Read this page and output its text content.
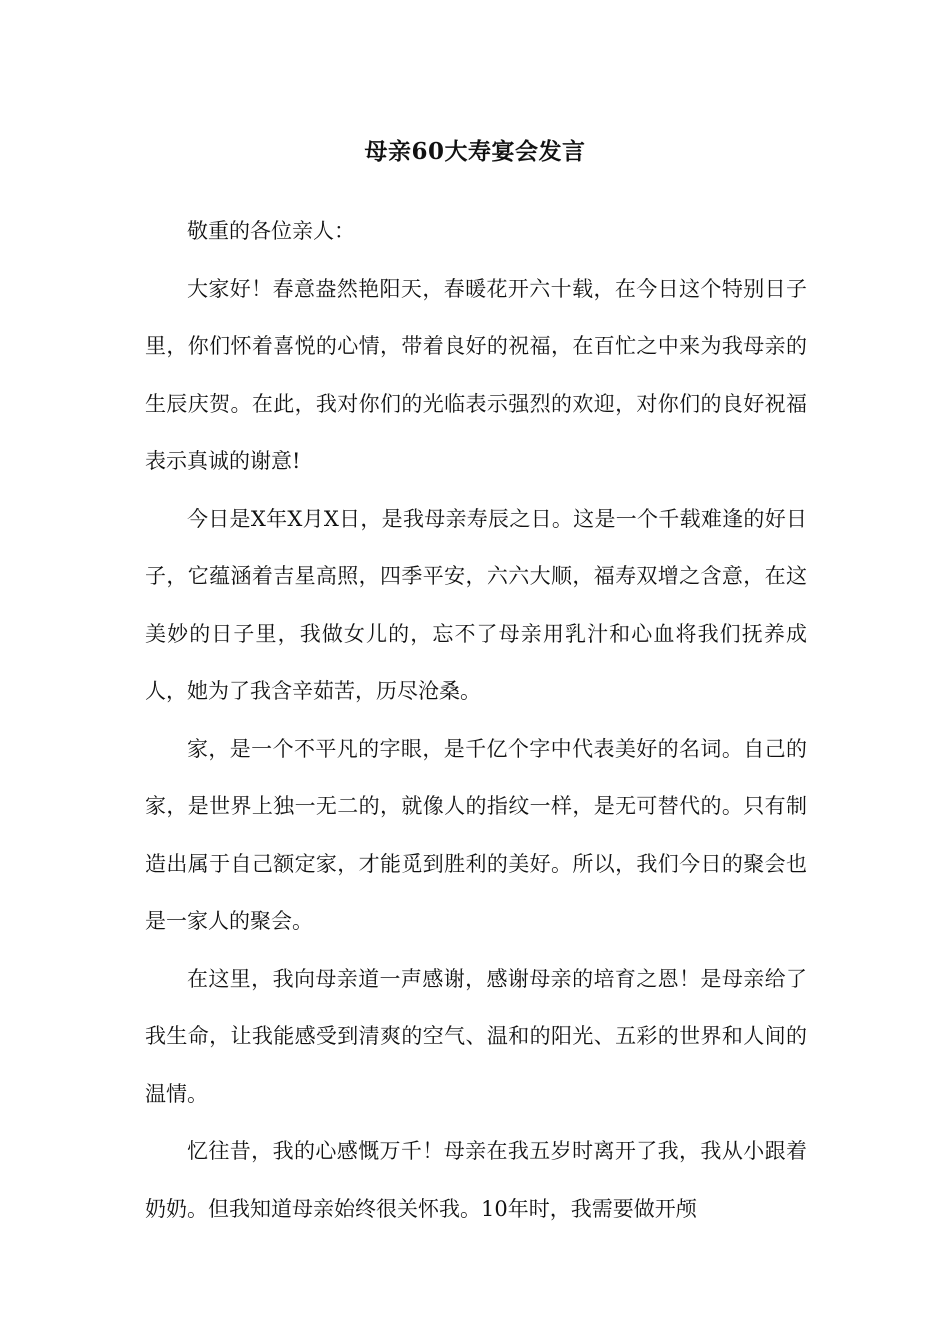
母亲60大寿宴会发言

敬重的各位亲人：

大家好！春意盎然艳阳天，春暖花开六十载，在今日这个特别日子里，你们怀着喜悦的心情，带着良好的祝福，在百忙之中来为我母亲的生辰庆贺。在此，我对你们的光临表示强烈的欢迎，对你们的良好祝福表示真诚的谢意!

今日是X年X月X日，是我母亲寿辰之日。这是一个千载难逢的好日子，它蕴涵着吉星高照，四季平安，六六大顺，福寿双增之含意，在这美妙的日子里，我做女儿的，忘不了母亲用乳汁和心血将我们抚养成人，她为了我含辛茹苦，历尽沧桑。

家，是一个不平凡的字眼，是千亿个字中代表美好的名词。自己的家，是世界上独一无二的，就像人的指纹一样，是无可替代的。只有制造出属于自己额定家，才能觅到胜利的美好。所以，我们今日的聚会也是一家人的聚会。

在这里，我向母亲道一声感谢，感谢母亲的培育之恩！是母亲给了我生命，让我能感受到清爽的空气、温和的阳光、五彩的世界和人间的温情。

忆往昔，我的心感慨万千！母亲在我五岁时离开了我，我从小跟着奶奶。但我知道母亲始终很关怀我。10年时，我需要做开颅
